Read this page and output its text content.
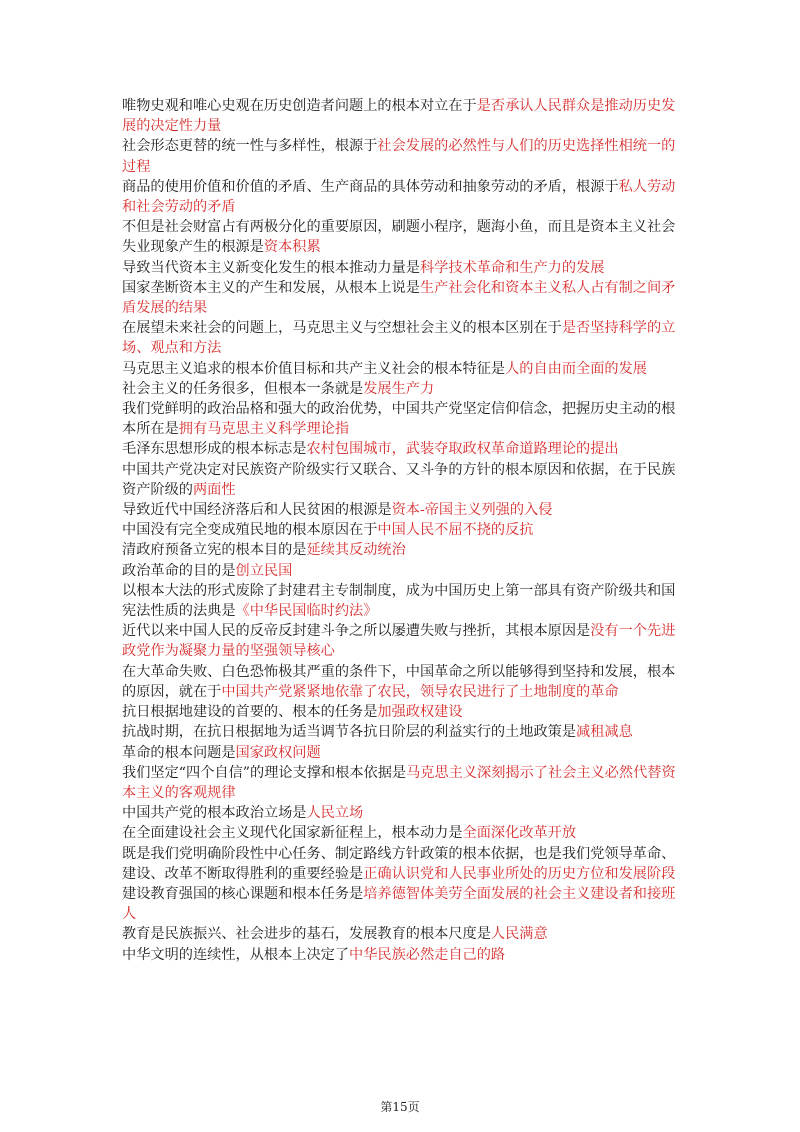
唯物史观和唯心史观在历史创造者问题上的根本对立在于是否承认人民群众是推动历史发展的决定性力量

社会形态更替的统一性与多样性，根源于社会发展的必然性与人们的历史选择性相统一的过程

商品的使用价值和价值的矛盾、生产商品的具体劳动和抽象劳动的矛盾，根源于私人劳动和社会劳动的矛盾

不但是社会财富占有两极分化的重要原因，刷题小程序，题海小鱼，而且是资本主义社会失业现象产生的根源是资本积累

导致当代资本主义新变化发生的根本推动力量是科学技术革命和生产力的发展

国家垄断资本主义的产生和发展，从根本上说是生产社会化和资本主义私人占有制之间矛盾发展的结果

在展望未来社会的问题上，马克思主义与空想社会主义的根本区别在于是否坚持科学的立场、观点和方法

马克思主义追求的根本价值目标和共产主义社会的根本特征是人的自由而全面的发展

社会主义的任务很多，但根本一条就是发展生产力

我们党鲜明的政治品格和强大的政治优势，中国共产党坚定信仰信念，把握历史主动的根本所在是拥有马克思主义科学理论指

毛泽东思想形成的根本标志是农村包围城市，武装夺取政权革命道路理论的提出

中国共产党决定对民族资产阶级实行又联合、又斗争的方针的根本原因和依据，在于民族资产阶级的两面性

导致近代中国经济落后和人民贫困的根源是资本-帝国主义列强的入侵

中国没有完全变成殖民地的根本原因在于中国人民不屈不挠的反抗

清政府预备立宪的根本目的是延续其反动统治

政治革命的目的是创立民国

以根本大法的形式废除了封建君主专制制度，成为中国历史上第一部具有资产阶级共和国宪法性质的法典是《中华民国临时约法》

近代以来中国人民的反帝反封建斗争之所以屡遭失败与挫折，其根本原因是没有一个先进政党作为凝聚力量的坚强领导核心

在大革命失败、白色恐怖极其严重的条件下，中国革命之所以能够得到坚持和发展，根本的原因，就在于中国共产党紧紧地依靠了农民，领导农民进行了土地制度的革命

抗日根据地建设的首要的、根本的任务是加强政权建设

抗战时期，在抗日根据地为适当调节各抗日阶层的利益实行的土地政策是减租减息

革命的根本问题是国家政权问题

我们坚定“四个自信”的理论支撑和根本依据是马克思主义深刻揭示了社会主义必然代替资本主义的客观规律

中国共产党的根本政治立场是人民立场

在全面建设社会主义现代化国家新征程上，根本动力是全面深化改革开放

既是我们党明确阶段性中心任务、制定路线方针政策的根本依据，也是我们党领导革命、建设、改革不断取得胜利的重要经验是正确认识党和人民事业所处的历史方位和发展阶段

建设教育强国的核心课题和根本任务是培养德智体美劳全面发展的社会主义建设者和接班人

教育是民族振兴、社会进步的基石，发展教育的根本尺度是人民满意

中华文明的连续性，从根本上决定了中华民族必然走自己的路

第15页
